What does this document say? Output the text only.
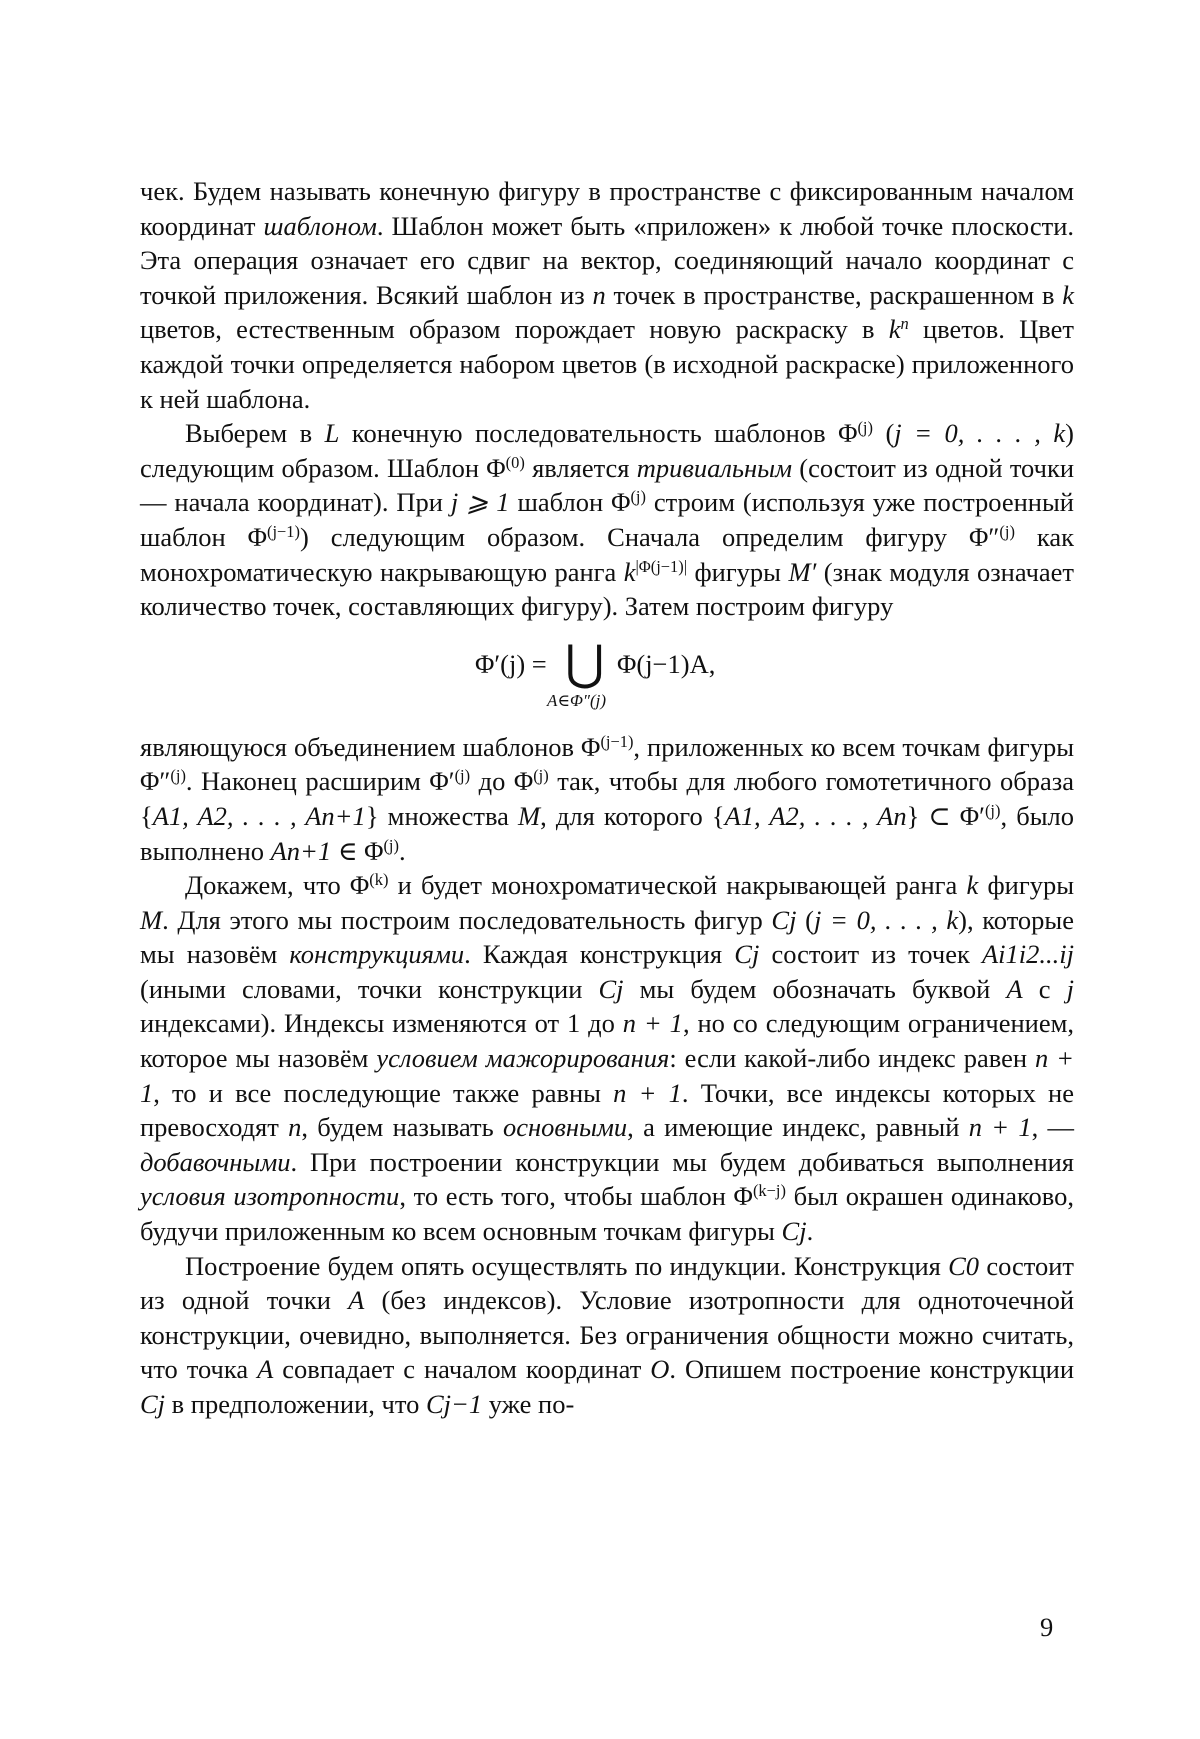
чек. Будем называть конечную фигуру в пространстве с фиксированным началом координат шаблоном. Шаблон может быть «приложен» к любой точке плоскости. Эта операция означает его сдвиг на вектор, соединяющий начало координат с точкой приложения. Всякий шаблон из n точек в пространстве, раскрашенном в k цветов, естественным образом порождает новую раскраску в kn цветов. Цвет каждой точки определяется набором цветов (в исходной раскраске) приложенного к ней шаблона.

Выберем в L конечную последовательность шаблонов Φ(j) (j = 0, . . . , k) следующим образом. Шаблон Φ(0) является тривиальным (состоит из одной точки — начала координат). При j ⩾ 1 шаблон Φ(j) строим (используя уже построенный шаблон Φ(j−1)) следующим образом. Сначала определим фигуру Φ″(j) как монохроматическую накрывающую ранга k|Φ(j−1)| фигуры M′ (знак модуля означает количество точек, составляющих фигуру). Затем построим фигуру

Φ′(j) = ⋃
A∈Φ″(j)
Φ(j−1)A,

являющуюся объединением шаблонов Φ(j−1), приложенных ко всем точкам фигуры Φ″(j). Наконец расширим Φ′(j) до Φ(j) так, чтобы для любого гомотетичного образа {A1, A2, . . . , An+1} множества M, для которого {A1, A2, . . . , An} ⊂ Φ′(j), было выполнено An+1 ∈ Φ(j).

Докажем, что Φ(k) и будет монохроматической накрывающей ранга k фигуры M. Для этого мы построим последовательность фигур Cj (j = 0, . . . , k), которые мы назовём конструкциями. Каждая конструкция Cj состоит из точек Ai1i2...ij (иными словами, точки конструкции Cj мы будем обозначать буквой A с j индексами). Индексы изменяются от 1 до n + 1, но со следующим ограничением, которое мы назовём условием мажорирования: если какой-либо индекс равен n + 1, то и все последующие также равны n + 1. Точки, все индексы которых не превосходят n, будем называть основными, а имеющие индекс, равный n + 1, — добавочными. При построении конструкции мы будем добиваться выполнения условия изотропности, то есть того, чтобы шаблон Φ(k−j) был окрашен одинаково, будучи приложенным ко всем основным точкам фигуры Cj.

Построение будем опять осуществлять по индукции. Конструкция C0 состоит из одной точки A (без индексов). Условие изотропности для одноточечной конструкции, очевидно, выполняется. Без ограничения общности можно считать, что точка A совпадает с началом координат O. Опишем построение конструкции Cj в предположении, что Cj−1 уже по-

9
